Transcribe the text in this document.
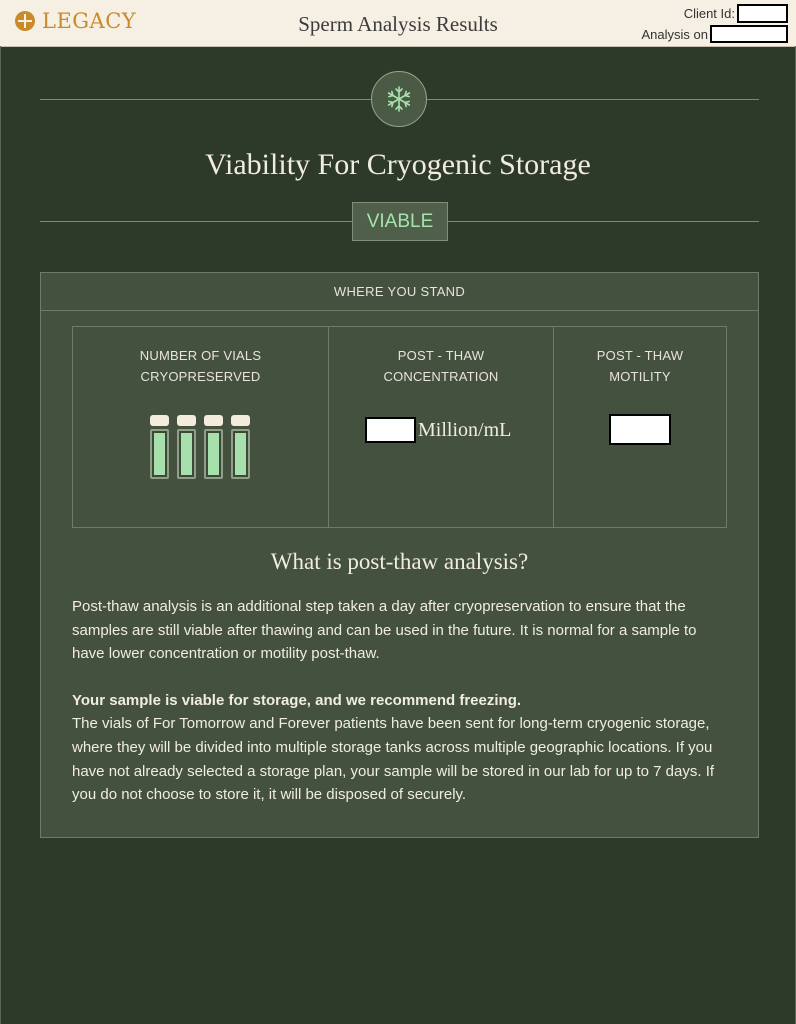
LEGACY	Sperm Analysis Results	Client Id:
Analysis on
Viability For Cryogenic Storage
VIABLE
WHERE YOU STAND
NUMBER OF VIALS
CRYOPRESERVED
POST - THAW
CONCENTRATION
Million/mL
POST - THAW
MOTILITY
What is post-thaw analysis?

Post-thaw analysis is an additional step taken a day after cryopreservation to ensure that the samples are still viable after thawing and can be used in the future. It is normal for a sample to have lower concentration or motility post-thaw.

Your sample is viable for storage, and we recommend freezing.

The vials of For Tomorrow and Forever patients have been sent for long-term cryogenic storage, where they will be divided into multiple storage tanks across multiple geographic locations. If you have not already selected a storage plan, your sample will be stored in our lab for up to 7 days. If you do not choose to store it, it will be disposed of securely.
